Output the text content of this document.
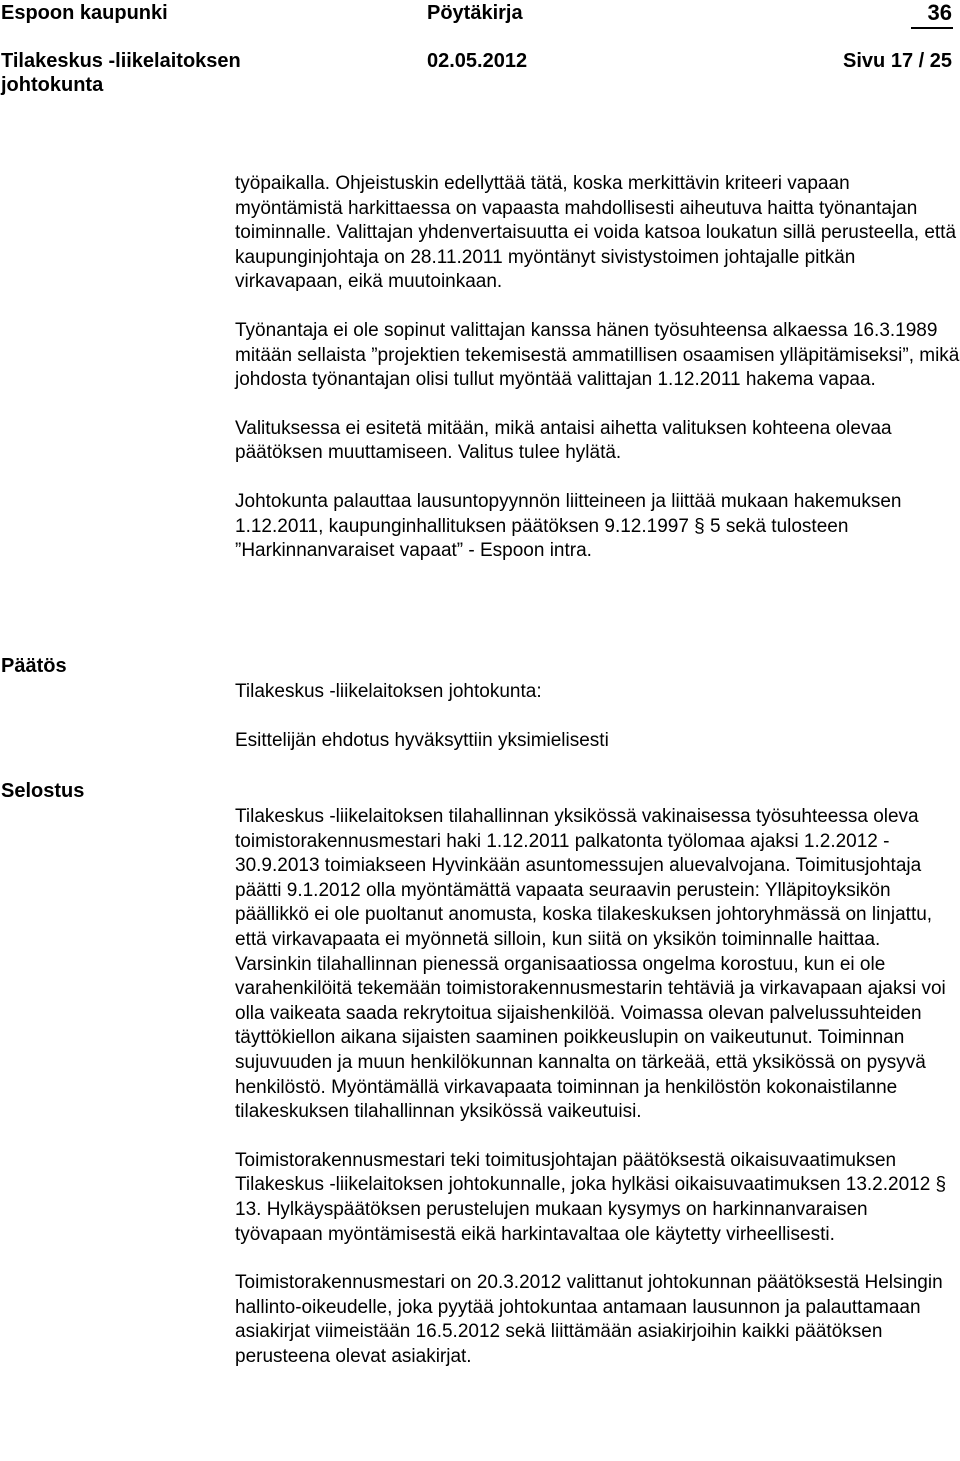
Espoon kaupunki	Pöytäkirja	36
Tilakeskus -liikelaitoksen johtokunta
02.05.2012	Sivu 17 / 25

työpaikalla. Ohjeistuskin edellyttää tätä, koska merkittävin kriteeri vapaan myöntämistä harkittaessa on vapaasta mahdollisesti aiheutuva haitta työnantajan toiminnalle. Valittajan yhdenvertaisuutta ei voida katsoa loukatun sillä perusteella, että kaupunginjohtaja on 28.11.2011 myöntänyt sivistystoimen johtajalle pitkän virkavapaan, eikä muutoinkaan.

Työnantaja ei ole sopinut valittajan kanssa hänen työsuhteensa alkaessa 16.3.1989 mitään sellaista ”projektien tekemisestä ammatillisen osaamisen ylläpitämiseksi”, mikä johdosta työnantajan olisi tullut myöntää valittajan 1.12.2011 hakema vapaa.

Valituksessa ei esitetä mitään, mikä antaisi aihetta valituksen kohteena olevaa päätöksen muuttamiseen. Valitus tulee hylätä.

Johtokunta palauttaa lausuntopyynnön liitteineen ja liittää mukaan hakemuksen 1.12.2011, kaupunginhallituksen päätöksen 9.12.1997 § 5 sekä tulosteen ”Harkinnanvaraiset vapaat” - Espoon intra.

Päätös

Tilakeskus -liikelaitoksen johtokunta:

Esittelijän ehdotus hyväksyttiin yksimielisesti

Selostus

Tilakeskus -liikelaitoksen tilahallinnan yksikössä vakinaisessa työsuhteessa oleva toimistorakennusmestari haki 1.12.2011 palkatonta työlomaa ajaksi 1.2.2012 - 30.9.2013 toimiakseen Hyvinkään asuntomessujen aluevalvojana. Toimitusjohtaja päätti 9.1.2012 olla myöntämättä vapaata seuraavin perustein: Ylläpitoyksikön päällikkö ei ole puoltanut anomusta, koska tilakeskuksen johtoryhmässä on linjattu, että virkavapaata ei myönnetä silloin, kun siitä on yksikön toiminnalle haittaa. Varsinkin tilahallinnan pienessä organisaatiossa ongelma korostuu, kun ei ole varahenkilöitä tekemään toimistorakennusmestarin tehtäviä ja virkavapaan ajaksi voi olla vaikeata saada rekrytoitua sijaishenkilöä. Voimassa olevan palvelussuhteiden täyttökiellon aikana sijaisten saaminen poikkeuslupin on vaikeutunut. Toiminnan sujuvuuden ja muun henkilökunnan kannalta on tärkeää, että yksikössä on pysyvä henkilöstö. Myöntämällä virkavapaata toiminnan ja henkilöstön kokonaistilanne tilakeskuksen tilahallinnan yksikössä vaikeutuisi.

Toimistorakennusmestari teki toimitusjohtajan päätöksestä oikaisuvaatimuksen Tilakeskus -liikelaitoksen johtokunnalle, joka hylkäsi oikaisuvaatimuksen 13.2.2012 § 13. Hylkäyspäätöksen perustelujen mukaan kysymys on harkinnanvaraisen työvapaan myöntämisestä eikä harkintavaltaa ole käytetty virheellisesti.

Toimistorakennusmestari on 20.3.2012 valittanut johtokunnan päätöksestä Helsingin hallinto-oikeudelle, joka pyytää johtokuntaa antamaan lausunnon ja palauttamaan asiakirjat viimeistään 16.5.2012 sekä liittämään asiakirjoihin kaikki päätöksen perusteena olevat asiakirjat.
